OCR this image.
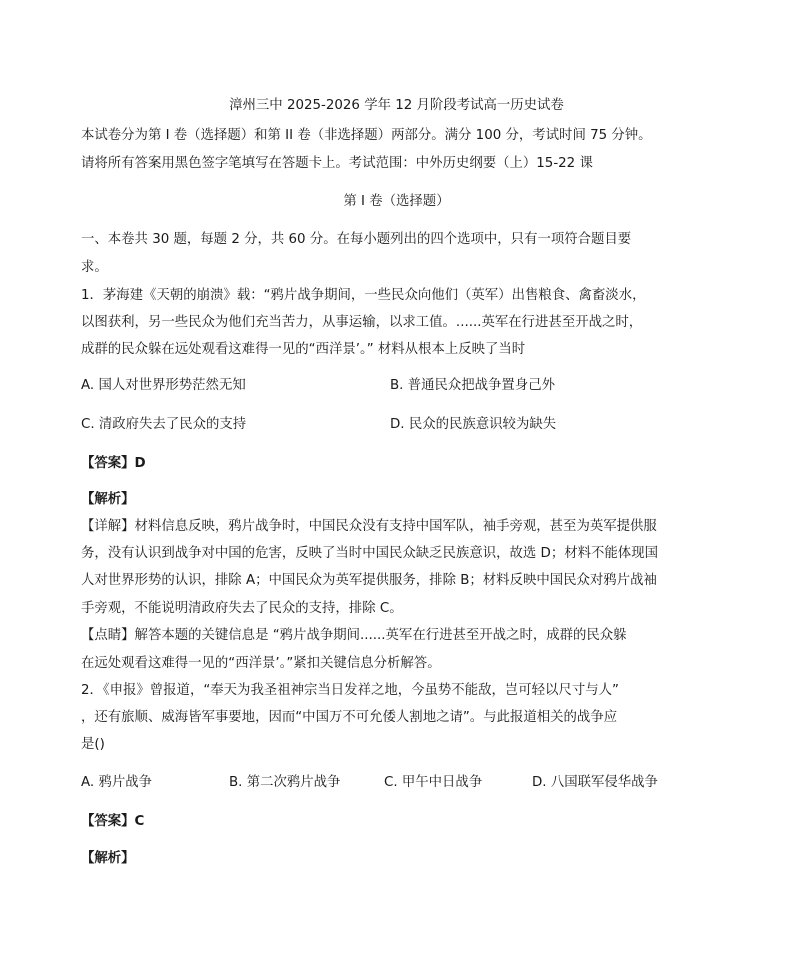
漳州三中 2025-2026 学年 12 月阶段考试高一历史试卷
本试卷分为第 I 卷（选择题）和第 II 卷（非选择题）两部分。满分 100 分，考试时间 75 分钟。
请将所有答案用黑色签字笔填写在答题卡上。考试范围：中外历史纲要（上）15-22 课
第 I 卷（选择题）
一、本卷共 30 题，每题 2 分，共 60 分。在每小题列出的四个选项中，只有一项符合题目要
求。
1．茅海建《天朝的崩溃》载：“鸦片战争期间，一些民众向他们（英军）出售粮食、禽畜淡水，
以图获利，另一些民众为他们充当苦力，从事运输，以求工值。......英军在行进甚至开战之时，
成群的民众躲在远处观看这难得一见的“西洋景’。” 材料从根本上反映了当时
A. 国人对世界形势茫然无知	B. 普通民众把战争置身己外
C. 清政府失去了民众的支持	D. 民众的民族意识较为缺失
【答案】D
【解析】
【详解】材料信息反映，鸦片战争时，中国民众没有支持中国军队，袖手旁观，甚至为英军提供服
务，没有认识到战争对中国的危害，反映了当时中国民众缺乏民族意识，故选 D；材料不能体现国
人对世界形势的认识，排除 A；中国民众为英军提供服务，排除 B；材料反映中国民众对鸦片战袖
手旁观，不能说明清政府失去了民众的支持，排除 C。
【点睛】解答本题的关键信息是 “鸦片战争期间......英军在行进甚至开战之时，成群的民众躲
在远处观看这难得一见的“西洋景’。”紧扣关键信息分析解答。
2．《申报》曾报道，“奉天为我圣祖神宗当日发祥之地，今虽势不能敌，岂可轻以尺寸与人”
，还有旅顺、威海皆军事要地，因而“中国万不可允倭人割地之请”。与此报道相关的战争应
是()
A. 鸦片战争	B. 第二次鸦片战争	C. 甲午中日战争	D. 八国联军侵华战争
【答案】C
【解析】
